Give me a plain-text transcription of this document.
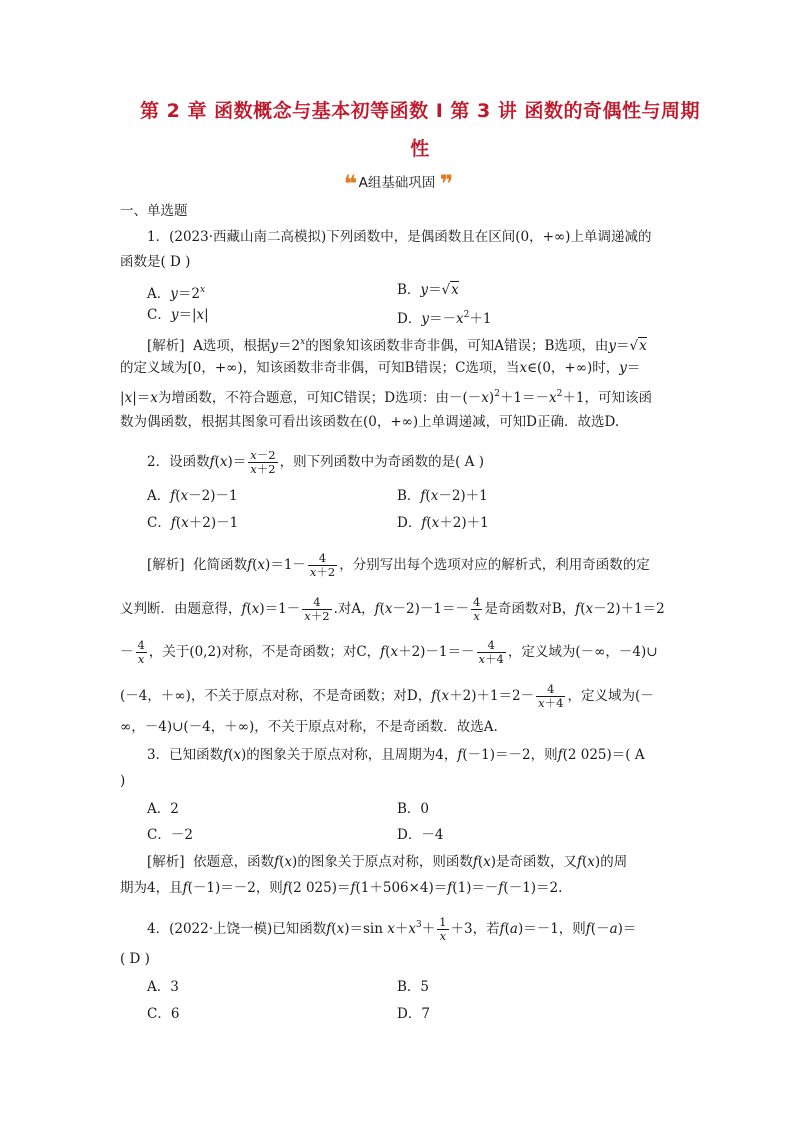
第 2 章 函数概念与基本初等函数 Ⅰ 第 3 讲 函数的奇偶性与周期
性
❛❛ A组基础巩固 ❜❜
一、单选题
1．(2023·西藏山南二高模拟)下列函数中，是偶函数且在区间(0，+∞)上单调递减的
函数是( D )
A．$y=2^x$	B．y＝√x
C．y＝|x|	D．$y=-x^2+1$
[解析] A选项，根据$y=2^x$的图象知该函数非奇非偶，可知A错误；B选项，由y＝√x
的定义域为[0，+∞)，知该函数非奇非偶，可知B错误；C选项，当x∈(0，+∞)时，y＝
|x|＝x为增函数，不符合题意，可知C错误；D选项：由$-(-x)^2+1=-x^2+1$，可知该函
数为偶函数，根据其图象可看出该函数在(0，+∞)上单调递减，可知D正确．故选D.
2．设函数$f(x)= \frac{x-2}{x+2}$ ，则下列函数中为奇函数的是( A )
A．f(x－2)－1	B．f(x－2)＋1
C．f(x＋2)－1	D．f(x＋2)＋1
[解析] 化简函数$f(x)=1- \frac{4}{x+2}$ ，分别写出每个选项对应的解析式，利用奇函数的定
义判断．由题意得，$f(x)=1- \frac{4}{x+2}$ .对A，$f(x-2)-1=- \frac{4}{x}$ 是奇函数对B，f(x－2)＋1＝2
－ $\frac{4}{x}$ ，关于(0,2)对称，不是奇函数；对C，$f(x+2)-1=- \frac{4}{x+4}$ ，定义域为(－∞，－4)∪
(－4，＋∞)，不关于原点对称，不是奇函数；对D，$f(x+2)+1=2- \frac{4}{x+4}$ ，定义域为(－
∞，－4)∪(－4，＋∞)，不关于原点对称，不是奇函数．故选A.
3．已知函数f(x)的图象关于原点对称，且周期为4，f(－1)＝－2，则f(2 025)＝( A
)
A．2	B．0
C．－2	D．－4
[解析] 依题意，函数f(x)的图象关于原点对称，则函数f(x)是奇函数，又f(x)的周
期为4，且f(－1)＝－2，则f(2 025)＝f(1＋506×4)＝f(1)＝－f(－1)＝2.
4．(2022·上饶一模)已知函数f(x)＝sin $x+x^3+ \frac{1}{x} +3$，若f(a)＝－1，则f(－a)＝
( D )
A．3	B．5
C．6	D．7
